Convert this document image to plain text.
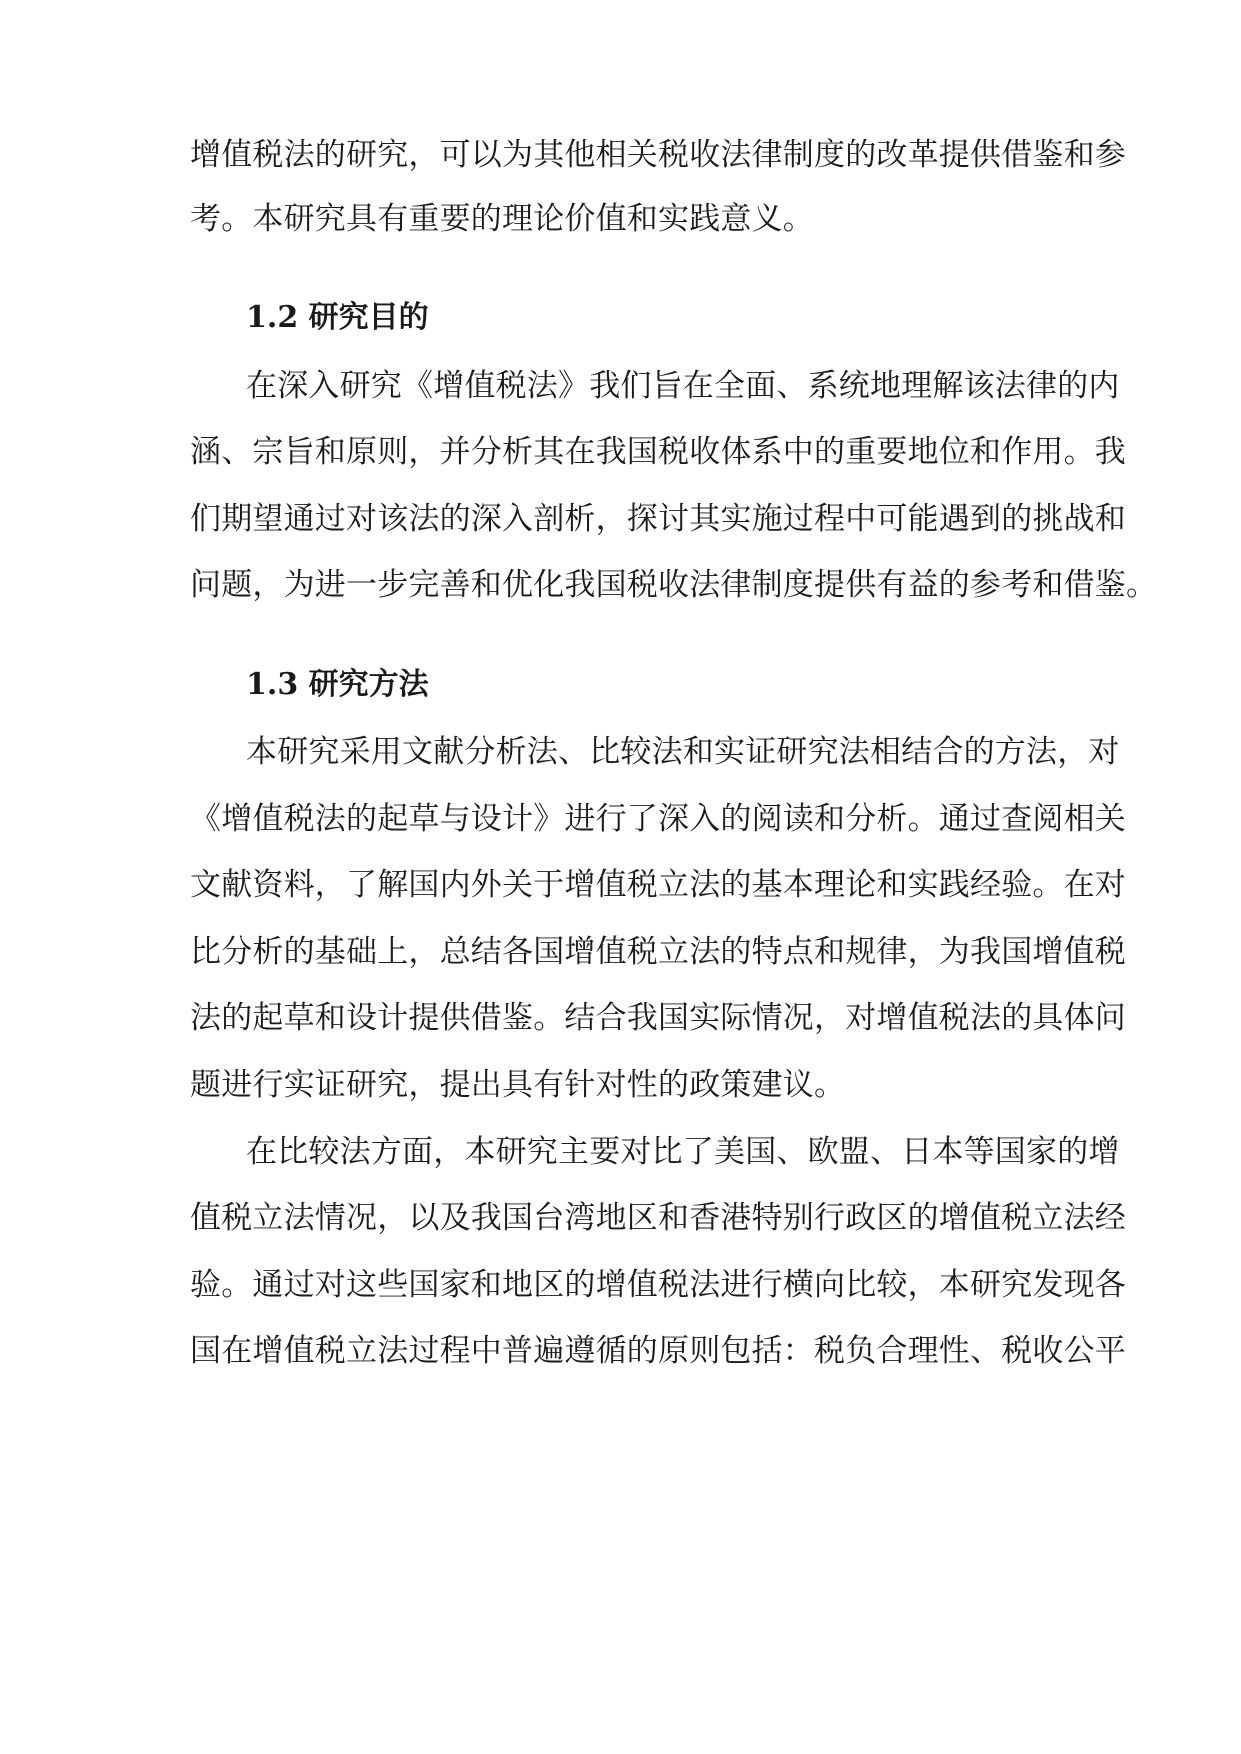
增值税法的研究，可以为其他相关税收法律制度的改革提供借鉴和参
考。本研究具有重要的理论价值和实践意义。
1.2 研究目的
在深入研究《增值税法》我们旨在全面、系统地理解该法律的内
涵、宗旨和原则，并分析其在我国税收体系中的重要地位和作用。我
们期望通过对该法的深入剖析，探讨其实施过程中可能遇到的挑战和
问题，为进一步完善和优化我国税收法律制度提供有益的参考和借鉴。
1.3 研究方法
本研究采用文献分析法、比较法和实证研究法相结合的方法，对
《增值税法的起草与设计》进行了深入的阅读和分析。通过查阅相关
文献资料，了解国内外关于增值税立法的基本理论和实践经验。在对
比分析的基础上，总结各国增值税立法的特点和规律，为我国增值税
法的起草和设计提供借鉴。结合我国实际情况，对增值税法的具体问
题进行实证研究，提出具有针对性的政策建议。
在比较法方面，本研究主要对比了美国、欧盟、日本等国家的增
值税立法情况，以及我国台湾地区和香港特别行政区的增值税立法经
验。通过对这些国家和地区的增值税法进行横向比较，本研究发现各
国在增值税立法过程中普遍遵循的原则包括：税负合理性、税收公平
